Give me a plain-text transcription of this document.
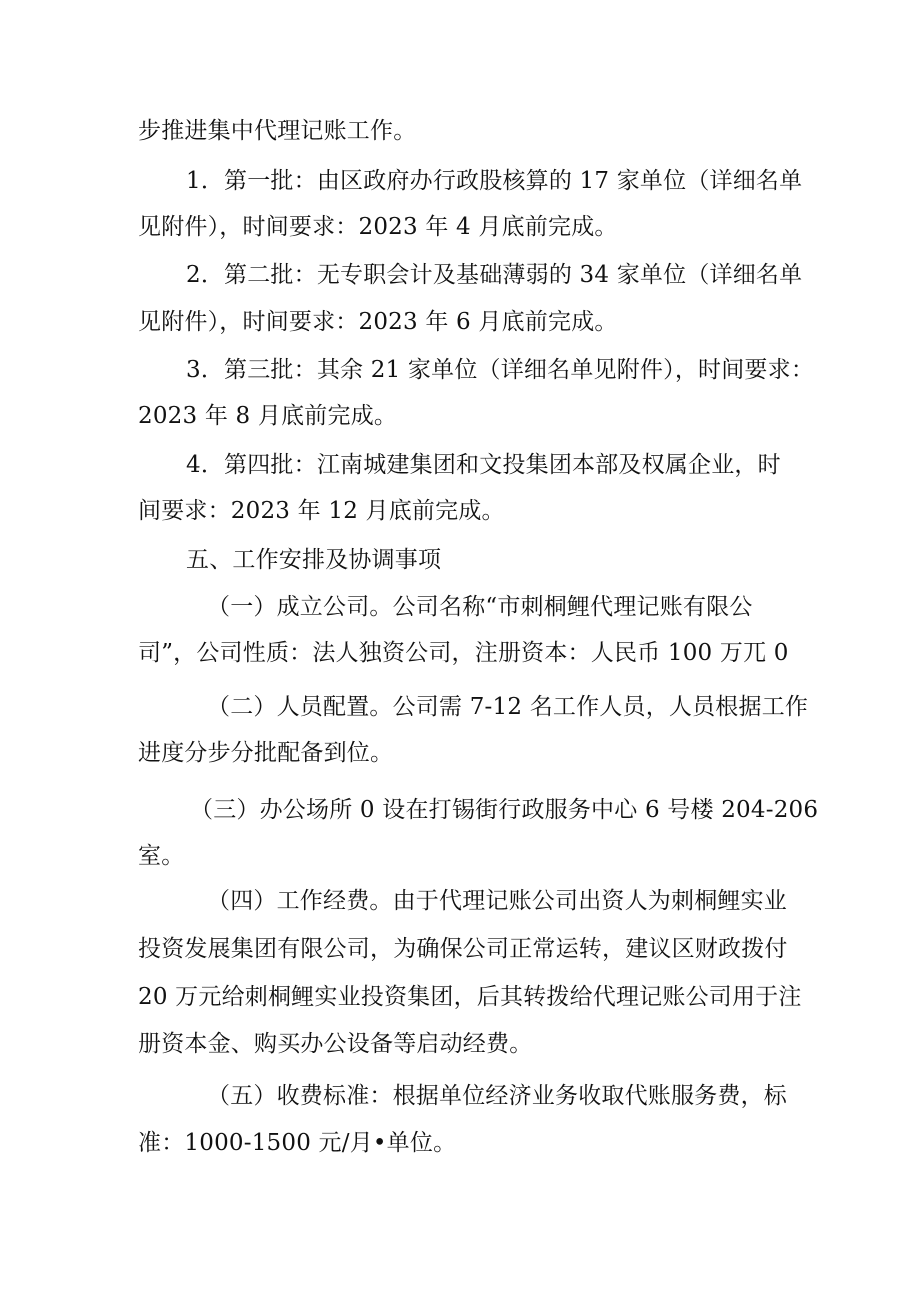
步推进集中代理记账工作。
1．第一批：由区政府办行政股核算的 17 家单位（详细名单
见附件），时间要求：2023 年 4 月底前完成。
2．第二批：无专职会计及基础薄弱的 34 家单位（详细名单
见附件），时间要求：2023 年 6 月底前完成。
3．第三批：其余 21 家单位（详细名单见附件），时间要求：
2023 年 8 月底前完成。
4．第四批：江南城建集团和文投集团本部及权属企业，时
间要求：2023 年 12 月底前完成。
五、工作安排及协调事项
（一）成立公司。公司名称“市刺桐鲤代理记账有限公
司”，公司性质：法人独资公司，注册资本：人民币 100 万兀 0
（二）人员配置。公司需 7-12 名工作人员，人员根据工作
进度分步分批配备到位。
（三）办公场所 0 设在打锡街行政服务中心 6 号楼 204-206
室。
（四）工作经费。由于代理记账公司出资人为刺桐鲤实业
投资发展集团有限公司，为确保公司正常运转，建议区财政拨付
20 万元给刺桐鲤实业投资集团，后其转拨给代理记账公司用于注
册资本金、购买办公设备等启动经费。
（五）收费标准：根据单位经济业务收取代账服务费，标
准：1000-1500 元/月•单位。
